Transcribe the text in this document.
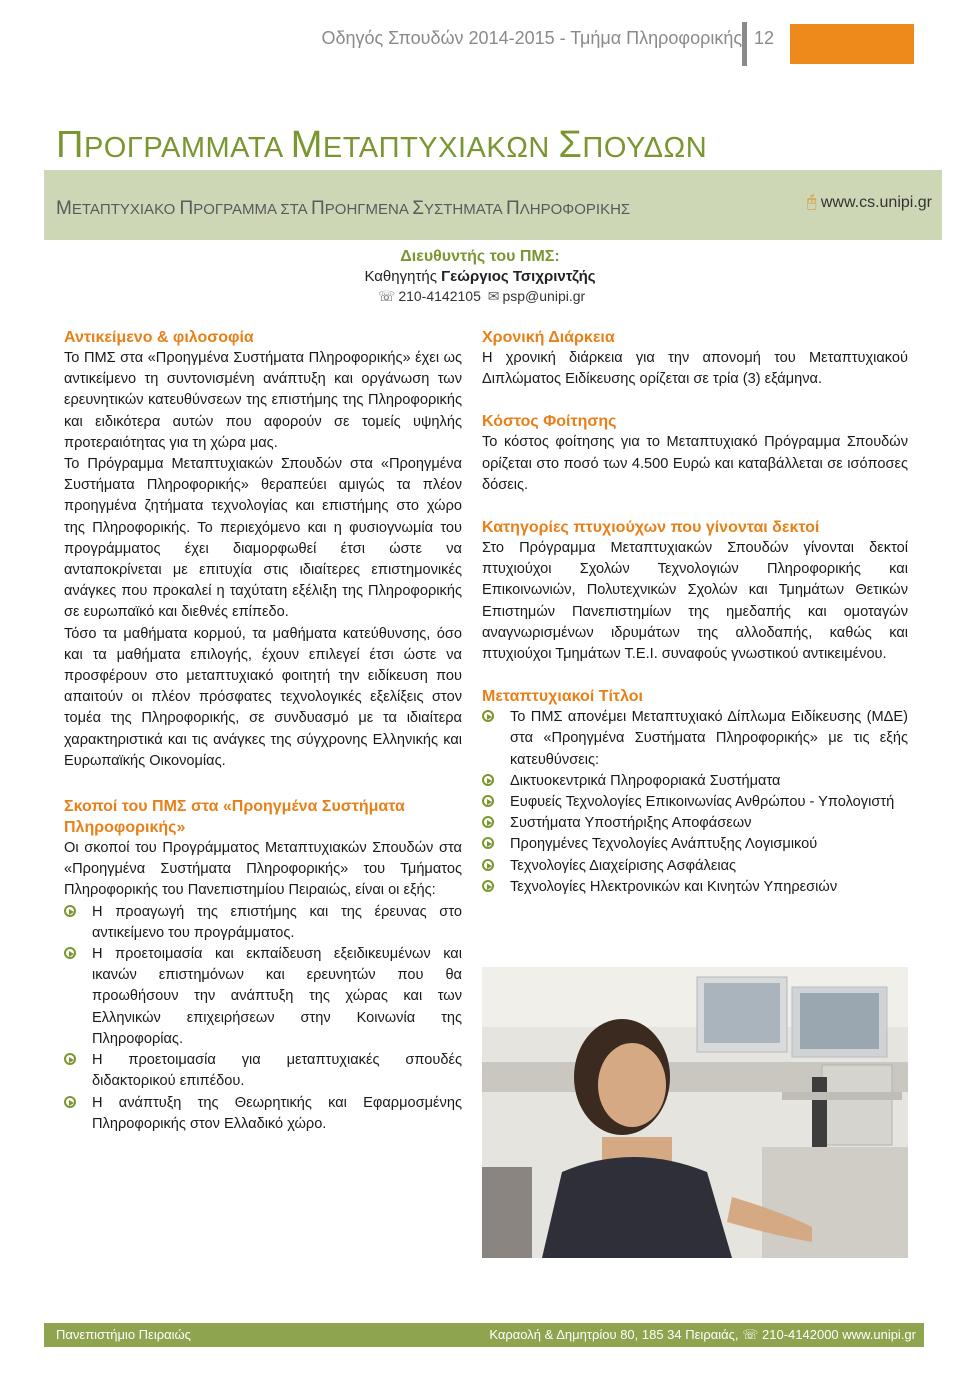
Οδηγός Σπουδών 2014-2015 - Τμήμα Πληροφορικής 12
ΠΡΟΓΡΑΜΜΑΤΑ ΜΕΤΑΠΤΥΧΙΑΚΩΝ ΣΠΟΥΔΩΝ
ΜΕΤΑΠΤΥΧΙΑΚΟ ΠΡΟΓΡΑΜΜΑ ΣΤΑ ΠΡΟΗΓΜΕΝΑ ΣΥΣΤΗΜΑΤΑ ΠΛΗΡΟΦΟΡΙΚΗΣ	🖰 www.cs.unipi.gr
Διευθυντής του ΠΜΣ:
Καθηγητής Γεώργιος Τσιχριντζής
☏ 210-4142105 ✉ psp@unipi.gr
Αντικείμενο & φιλοσοφία

Το ΠΜΣ στα «Προηγμένα Συστήματα Πληροφορικής» έχει ως αντικείμενο τη συντονισμένη ανάπτυξη και οργάνωση των ερευνητικών κατευθύνσεων της επιστήμης της Πληροφορικής και ειδικότερα αυτών που αφορούν σε τομείς υψηλής προτεραιότητας για τη χώρα μας.

Το Πρόγραμμα Μεταπτυχιακών Σπουδών στα «Προηγμένα Συστήματα Πληροφορικής» θεραπεύει αμιγώς τα πλέον προηγμένα ζητήματα τεχνολογίας και επιστήμης στο χώρο της Πληροφορικής. Το περιεχόμενο και η φυσιογνωμία του προγράμματος έχει διαμορφωθεί έτσι ώστε να ανταποκρίνεται με επιτυχία στις ιδιαίτερες επιστημονικές ανάγκες που προκαλεί η ταχύτατη εξέλιξη της Πληροφορικής σε ευρωπαϊκό και διεθνές επίπεδο.

Τόσο τα μαθήματα κορμού, τα μαθήματα κατεύθυνσης, όσο και τα μαθήματα επιλογής, έχουν επιλεγεί έτσι ώστε να προσφέρουν στο μεταπτυχιακό φοιτητή την ειδίκευση που απαιτούν οι πλέον πρόσφατες τεχνολογικές εξελίξεις στον τομέα της Πληροφορικής, σε συνδυασμό με τα ιδιαίτερα χαρακτηριστικά και τις ανάγκες της σύγχρονης Ελληνικής και Ευρωπαϊκής Οικονομίας.

Σκοποί του ΠΜΣ στα «Προηγμένα Συστήματα Πληροφορικής»

Οι σκοποί του Προγράμματος Μεταπτυχιακών Σπουδών στα «Προηγμένα Συστήματα Πληροφορικής» του Τμήματος Πληροφορικής του Πανεπιστημίου Πειραιώς, είναι οι εξής:

Η προαγωγή της επιστήμης και της έρευνας στο αντικείμενο του προγράμματος.
Η προετοιμασία και εκπαίδευση εξειδικευμένων και ικανών επιστημόνων και ερευνητών που θα προωθήσουν την ανάπτυξη της χώρας και των Ελληνικών επιχειρήσεων στην Κοινωνία της Πληροφορίας.
Η προετοιμασία για μεταπτυχιακές σπουδές διδακτορικού επιπέδου.
Η ανάπτυξη της Θεωρητικής και Εφαρμοσμένης Πληροφορικής στον Ελλαδικό χώρο.
Χρονική Διάρκεια

Η χρονική διάρκεια για την απονομή του Μεταπτυχιακού Διπλώματος Ειδίκευσης ορίζεται σε τρία (3) εξάμηνα.

Κόστος Φοίτησης

Το κόστος φοίτησης για το Μεταπτυχιακό Πρόγραμμα Σπουδών ορίζεται στο ποσό των 4.500 Ευρώ και καταβάλλεται σε ισόποσες δόσεις.

Κατηγορίες πτυχιούχων που γίνονται δεκτοί

Στο Πρόγραμμα Μεταπτυχιακών Σπουδών γίνονται δεκτοί πτυχιούχοι Σχολών Τεχνολογιών Πληροφορικής και Επικοινωνιών, Πολυτεχνικών Σχολών και Τμημάτων Θετικών Επιστημών Πανεπιστημίων της ημεδαπής και ομοταγών αναγνωρισμένων ιδρυμάτων της αλλοδαπής, καθώς και πτυχιούχοι Τμημάτων Τ.Ε.Ι. συναφούς γνωστικού αντικειμένου.

Μεταπτυχιακοί Τίτλοι
Το ΠΜΣ απονέμει Μεταπτυχιακό Δίπλωμα Ειδίκευσης (ΜΔΕ) στα «Προηγμένα Συστήματα Πληροφορικής» με τις εξής κατευθύνσεις:
Δικτυοκεντρικά Πληροφοριακά Συστήματα
Ευφυείς Τεχνολογίες Επικοινωνίας Ανθρώπου - Υπολογιστή
Συστήματα Υποστήριξης Αποφάσεων
Προηγμένες Τεχνολογίες Ανάπτυξης Λογισμικού
Τεχνολογίες Διαχείρισης Ασφάλειας
Τεχνολογίες Ηλεκτρονικών και Κινητών Υπηρεσιών
Πανεπιστήμιο Πειραιώς	Καραολή & Δημητρίου 80, 185 34 Πειραιάς, ☏ 210-4142000 www.unipi.gr
